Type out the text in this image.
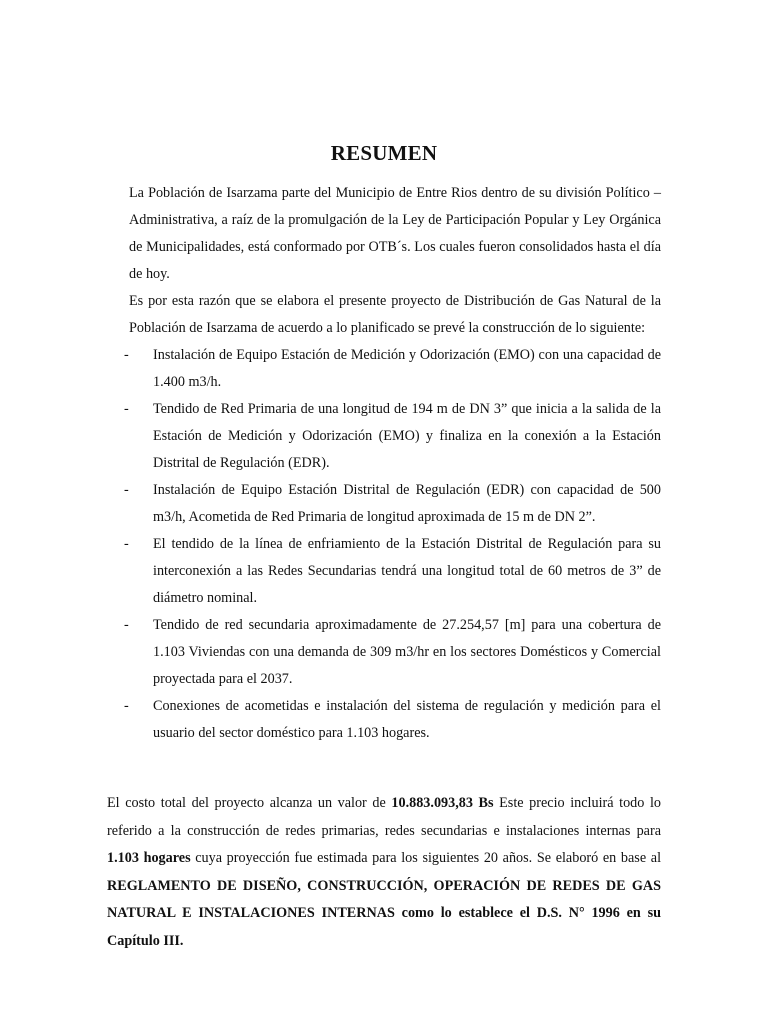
RESUMEN

La Población de Isarzama parte del Municipio de Entre Rios dentro de su división Político – Administrativa, a raíz de la promulgación de la Ley de Participación Popular y Ley Orgánica de Municipalidades, está conformado por OTB´s. Los cuales fueron consolidados hasta el día de hoy.

Es por esta razón que se elabora el presente proyecto de Distribución de Gas Natural de la Población de Isarzama de acuerdo a lo planificado se prevé la construcción de lo siguiente:

- Instalación de Equipo Estación de Medición y Odorización (EMO) con una capacidad de 1.400 m3/h.
- Tendido de Red Primaria de una longitud de 194 m de DN 3” que inicia a la salida de la Estación de Medición y Odorización (EMO) y finaliza en la conexión a la Estación Distrital de Regulación (EDR).
- Instalación de Equipo Estación Distrital de Regulación (EDR) con capacidad de 500 m3/h, Acometida de Red Primaria de longitud aproximada de 15 m de DN 2”.
- El tendido de la línea de enfriamiento de la Estación Distrital de Regulación para su interconexión a las Redes Secundarias tendrá una longitud total de 60 metros de 3” de diámetro nominal.
- Tendido de red secundaria aproximadamente de 27.254,57 [m] para una cobertura de 1.103 Viviendas con una demanda de 309 m3/hr en los sectores Domésticos y Comercial proyectada para el 2037.
- Conexiones de acometidas e instalación del sistema de regulación y medición para el usuario del sector doméstico para 1.103 hogares.

El costo total del proyecto alcanza un valor de 10.883.093,83 Bs Este precio incluirá todo lo referido a la construcción de redes primarias, redes secundarias e instalaciones internas para 1.103 hogares cuya proyección fue estimada para los siguientes 20 años. Se elaboró en base al REGLAMENTO DE DISEÑO, CONSTRUCCIÓN, OPERACIÓN DE REDES DE GAS NATURAL E INSTALACIONES INTERNAS como lo establece el D.S. N° 1996 en su Capítulo III.
